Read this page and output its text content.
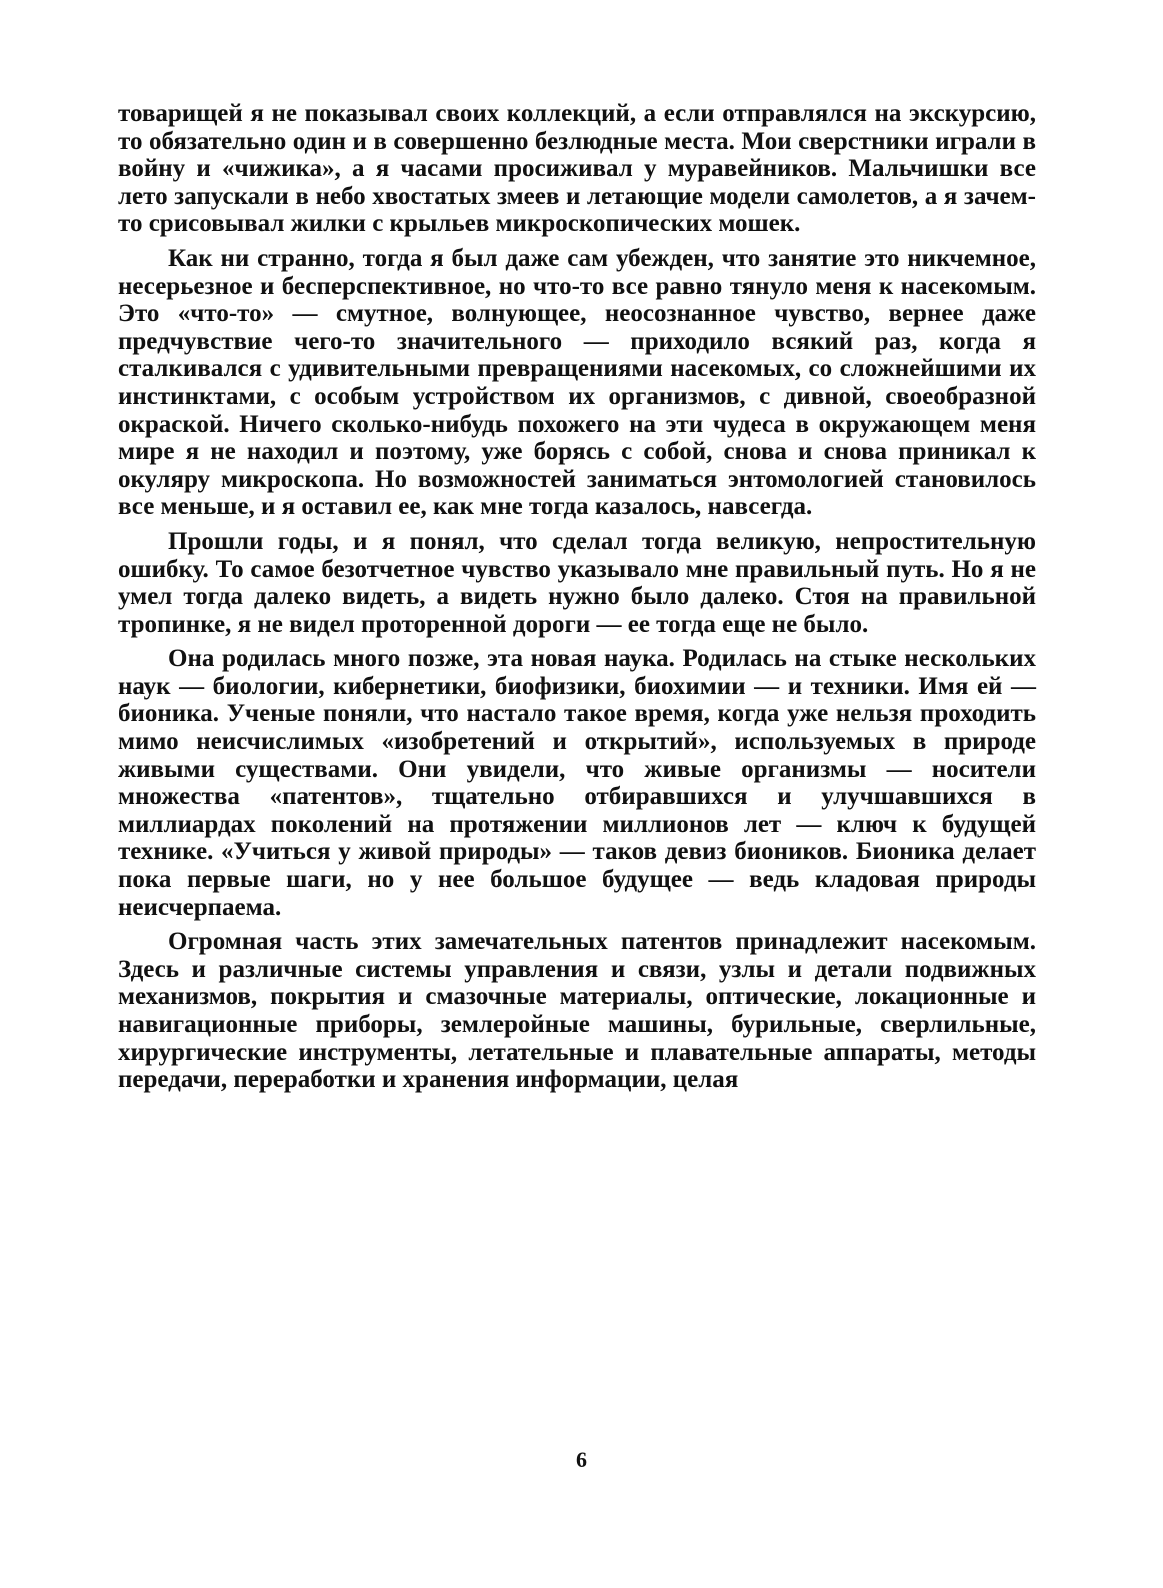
товарищей я не показывал своих коллекций, а если отправлялся на экскурсию, то обязательно один и в совершенно безлюдные места. Мои сверстники играли в войну и «чижика», а я часами просиживал у муравейников. Мальчишки все лето запускали в небо хвостатых змеев и летающие модели самолетов, а я зачем-то срисовывал жилки с крыльев микроскопических мошек.

Как ни странно, тогда я был даже сам убежден, что занятие это никчемное, несерьезное и бесперспективное, но что-то все равно тянуло меня к насекомым. Это «что-то» — смутное, волнующее, неосознанное чувство, вернее даже предчувствие чего-то значительного — приходило всякий раз, когда я сталкивался с удивительными превращениями насекомых, со сложнейшими их инстинктами, с особым устройством их организмов, с дивной, своеобразной окраской. Ничего сколько-нибудь похожего на эти чудеса в окружающем меня мире я не находил и поэтому, уже борясь с собой, снова и снова приникал к окуляру микроскопа. Но возможностей заниматься энтомологией становилось все меньше, и я оставил ее, как мне тогда казалось, навсегда.

Прошли годы, и я понял, что сделал тогда великую, непростительную ошибку. То самое безотчетное чувство указывало мне правильный путь. Но я не умел тогда далеко видеть, а видеть нужно было далеко. Стоя на правильной тропинке, я не видел проторенной дороги — ее тогда еще не было.

Она родилась много позже, эта новая наука. Родилась на стыке нескольких наук — биологии, кибернетики, биофизики, биохимии — и техники. Имя ей — бионика. Ученые поняли, что настало такое время, когда уже нельзя проходить мимо неисчислимых «изобретений и открытий», используемых в природе живыми существами. Они увидели, что живые организмы — носители множества «патентов», тщательно отбиравшихся и улучшавшихся в миллиардах поколений на протяжении миллионов лет — ключ к будущей технике. «Учиться у живой природы» — таков девиз биоников. Бионика делает пока первые шаги, но у нее большое будущее — ведь кладовая природы неисчерпаема.

Огромная часть этих замечательных патентов принадлежит насекомым. Здесь и различные системы управления и связи, узлы и детали подвижных механизмов, покрытия и смазочные материалы, оптические, локационные и навигационные приборы, землеройные машины, бурильные, сверлильные, хирургические инструменты, летательные и плавательные аппараты, методы передачи, переработки и хранения информации, целая

6
